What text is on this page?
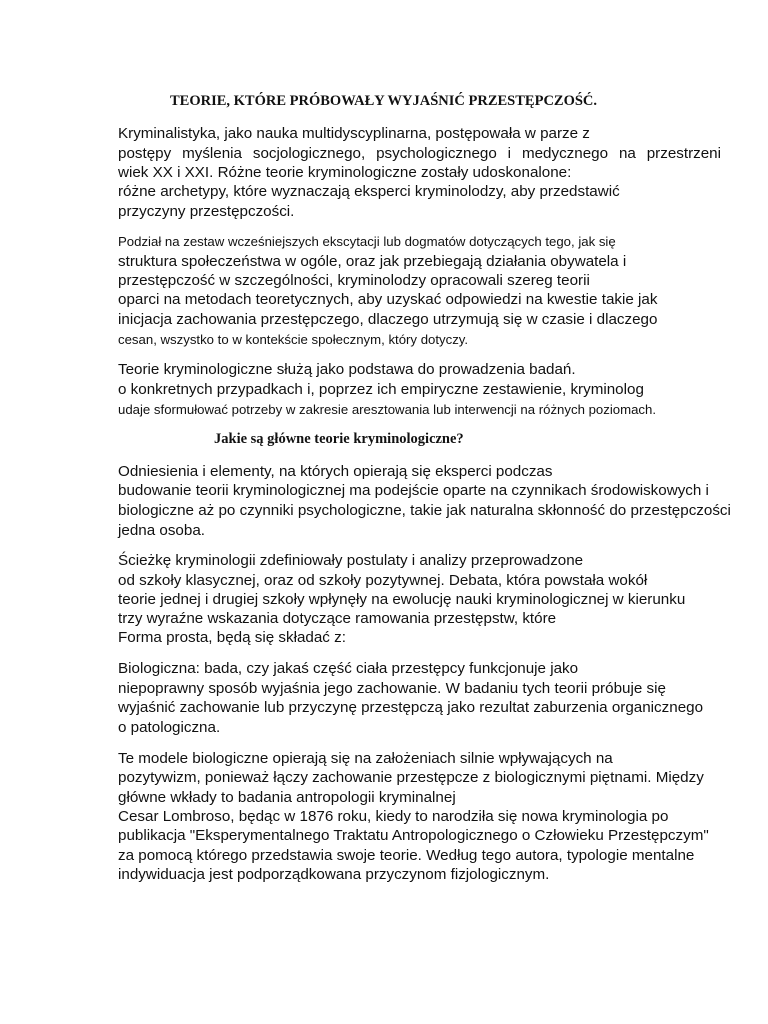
TEORIE, KTÓRE PRÓBOWAŁY WYJAŚNIĆ PRZESTĘPCZOŚĆ.

Kryminalistyka, jako nauka multidyscyplinarna, postępowała w parze z

postępy myślenia socjologicznego, psychologicznego i medycznego na przestrzeni

wiek XX i XXI. Różne teorie kryminologiczne zostały udoskonalone:

różne archetypy, które wyznaczają eksperci kryminolodzy, aby przedstawić

przyczyny przestępczości.

Podział na zestaw wcześniejszych ekscytacji lub dogmatów dotyczących tego, jak się

struktura społeczeństwa w ogóle, oraz jak przebiegają działania obywatela i

przestępczość w szczególności, kryminolodzy opracowali szereg teorii

oparci na metodach teoretycznych, aby uzyskać odpowiedzi na kwestie takie jak

inicjacja zachowania przestępczego, dlaczego utrzymują się w czasie i dlaczego

cesan, wszystko to w kontekście społecznym, który dotyczy.

Teorie kryminologiczne służą jako podstawa do prowadzenia badań.

o konkretnych przypadkach i, poprzez ich empiryczne zestawienie, kryminolog

udaje sformułować potrzeby w zakresie aresztowania lub interwencji na różnych poziomach.

Jakie są główne teorie kryminologiczne?

Odniesienia i elementy, na których opierają się eksperci podczas

budowanie teorii kryminologicznej ma podejście oparte na czynnikach środowiskowych i

biologiczne aż po czynniki psychologiczne, takie jak naturalna skłonność do przestępczości

jedna osoba.

Ścieżkę kryminologii zdefiniowały postulaty i analizy przeprowadzone

od szkoły klasycznej, oraz od szkoły pozytywnej. Debata, która powstała wokół

teorie jednej i drugiej szkoły wpłynęły na ewolucję nauki kryminologicznej w kierunku

trzy wyraźne wskazania dotyczące ramowania przestępstw, które

Forma prosta, będą się składać z:

Biologiczna: bada, czy jakaś część ciała przestępcy funkcjonuje jako

niepoprawny sposób wyjaśnia jego zachowanie. W badaniu tych teorii próbuje się

wyjaśnić zachowanie lub przyczynę przestępczą jako rezultat zaburzenia organicznego

o patologiczna.

Te modele biologiczne opierają się na założeniach silnie wpływających na

pozytywizm, ponieważ łączy zachowanie przestępcze z biologicznymi piętnami. Między

główne wkłady to badania antropologii kryminalnej

Cesar Lombroso, będąc w 1876 roku, kiedy to narodziła się nowa kryminologia po

publikacja "Eksperymentalnego Traktatu Antropologicznego o Człowieku Przestępczym"

za pomocą którego przedstawia swoje teorie. Według tego autora, typologie mentalne

indywiduacja jest podporządkowana przyczynom fizjologicznym.
